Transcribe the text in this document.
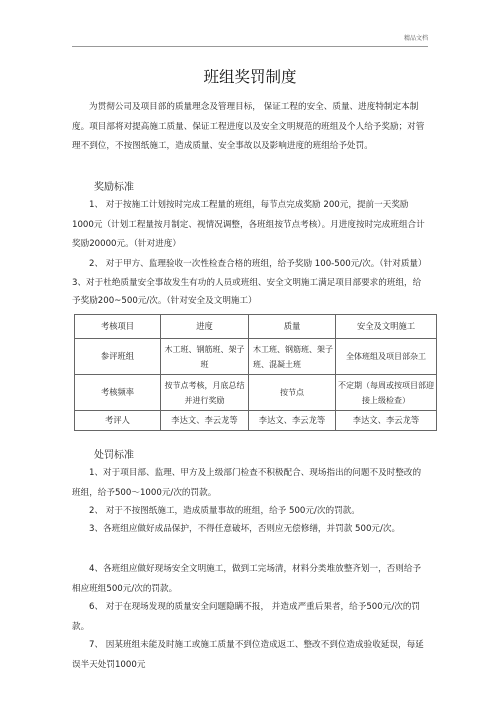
精品文档
班组奖罚制度
为贯彻公司及项目部的质量理念及管理目标， 保证工程的安全、质量、进度特制定本制度。项目部将对提高施工质量、保证工程进度以及安全文明规范的班组及个人给予奖励；对管理不到位，不按图纸施工，造成质量、安全事故以及影响进度的班组给予处罚。
奖励标准
1、 对于按施工计划按时完成工程量的班组，每节点完成奖励 200元，提前一天奖励1000元（计划工程量按月制定、视情况调整，各班组按节点考核）。月进度按时完成班组合计奖励20000元。（针对进度）
2、 对于甲方、监理验收一次性检查合格的班组，给予奖励 100-500元/次。（针对质量）
3、对于杜绝质量安全事故发生有功的人员或班组、安全文明施工满足项目部要求的班组，给予奖励200~500元/次。（针对安全及文明施工）
考核项目	进度	质量	安全及文明施工
参评班组	木工班、钢筋班、架子班	木工班、钢筋班、架子班、混凝土班	全体班组及项目部杂工
考核频率	按节点考核，月底总结并进行奖励	按节点	不定期（每周或按项目部迎接上级检查）
考评人	李达文、李云龙等	李达文、李云龙等	李达文、李云龙等
处罚标准
1、对于项目部、监理、甲方及上级部门检查不积极配合、现场指出的问题不及时整改的班组，给予500～1000元/次的罚款。
2、 对于不按图纸施工，造成质量事故的班组，给予 500元/次的罚款。
3、各班组应做好成品保护，不得任意破坏，否则应无偿修缮，并罚款 500元/次。
4、各班组应做好现场安全文明施工，做到工完场清，材料分类堆放整齐划一，否则给予相应班组500元/次的罚款。
6、 对于在现场发现的质量安全问题隐瞒不报， 并造成严重后果者，给予500元/次的罚款。
7、 因某班组未能及时施工或施工质量不到位造成返工、整改不到位造成验收延误，每延误半天处罚1000元
